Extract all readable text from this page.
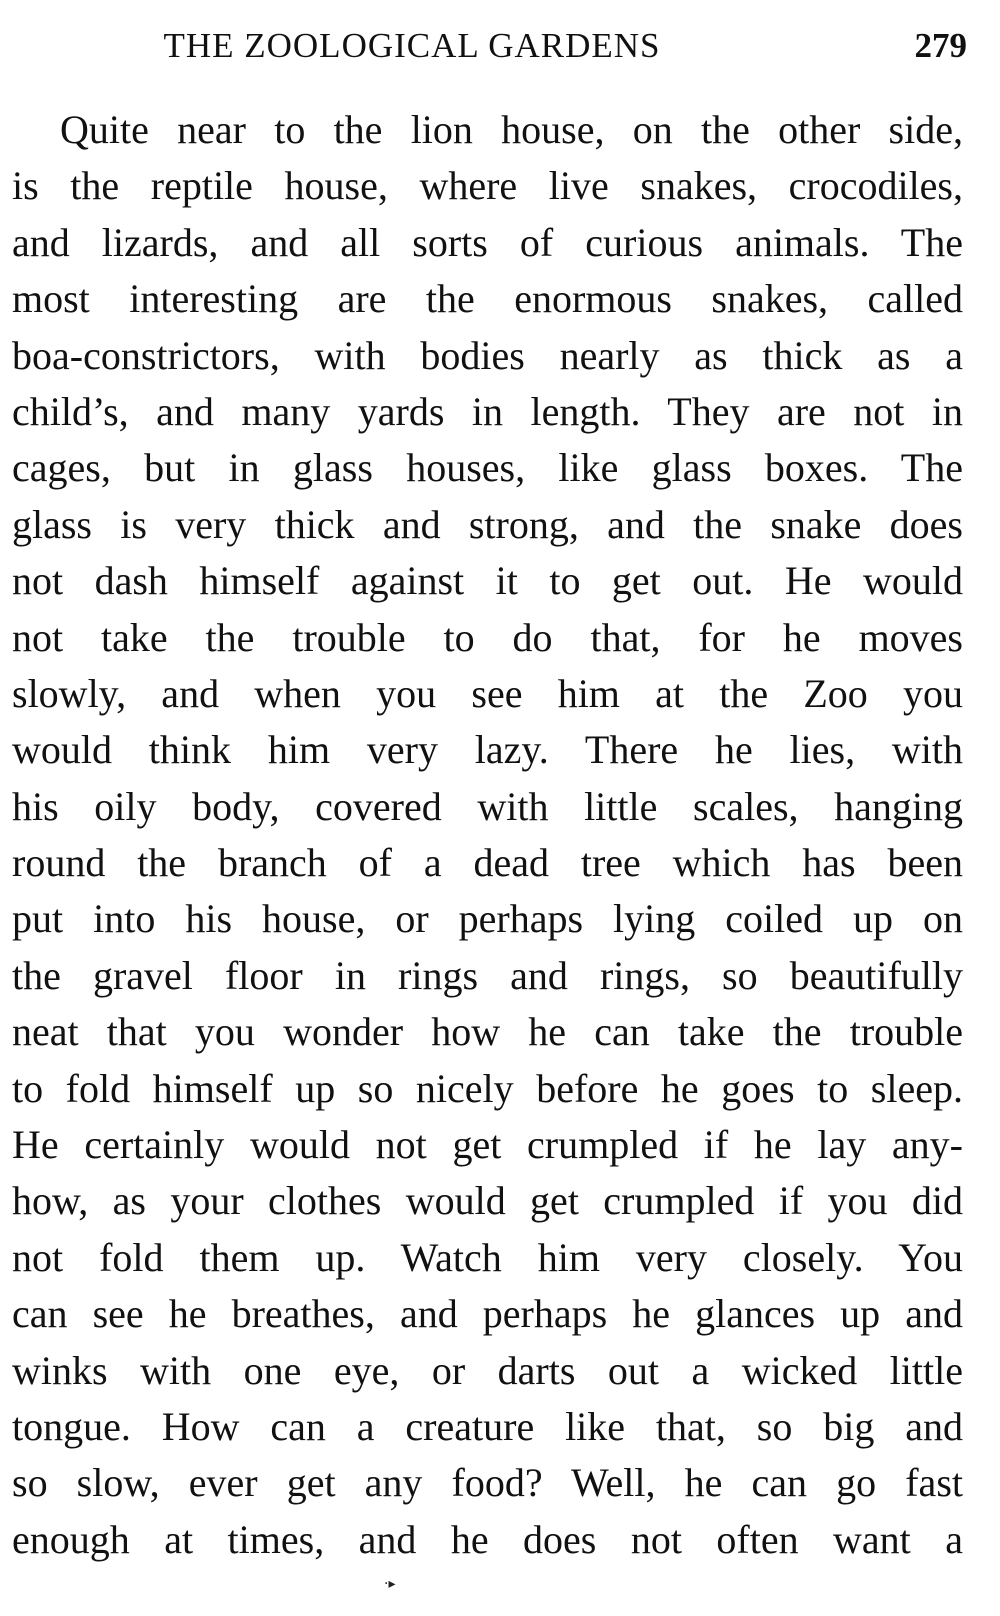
THE ZOOLOGICAL GARDENS	279
Quite near to the lion house, on the other side,
is the reptile house, where live snakes, crocodiles,
and lizards, and all sorts of curious animals. The
most interesting are the enormous snakes, called
boa-constrictors, with bodies nearly as thick as a
child’s, and many yards in length. They are not in
cages, but in glass houses, like glass boxes. The
glass is very thick and strong, and the snake does
not dash himself against it to get out. He would
not take the trouble to do that, for he moves
slowly, and when you see him at the Zoo you
would think him very lazy. There he lies, with
his oily body, covered with little scales, hanging
round the branch of a dead tree which has been
put into his house, or perhaps lying coiled up on
the gravel floor in rings and rings, so beautifully
neat that you wonder how he can take the trouble
to fold himself up so nicely before he goes to sleep.
He certainly would not get crumpled if he lay any-
how, as your clothes would get crumpled if you did
not fold them up. Watch him very closely. You
can see he breathes, and perhaps he glances up and
winks with one eye, or darts out a wicked little
tongue. How can a creature like that, so big and
so slow, ever get any food? Well, he can go fast
enough at times, and he does not often want a
·▸
